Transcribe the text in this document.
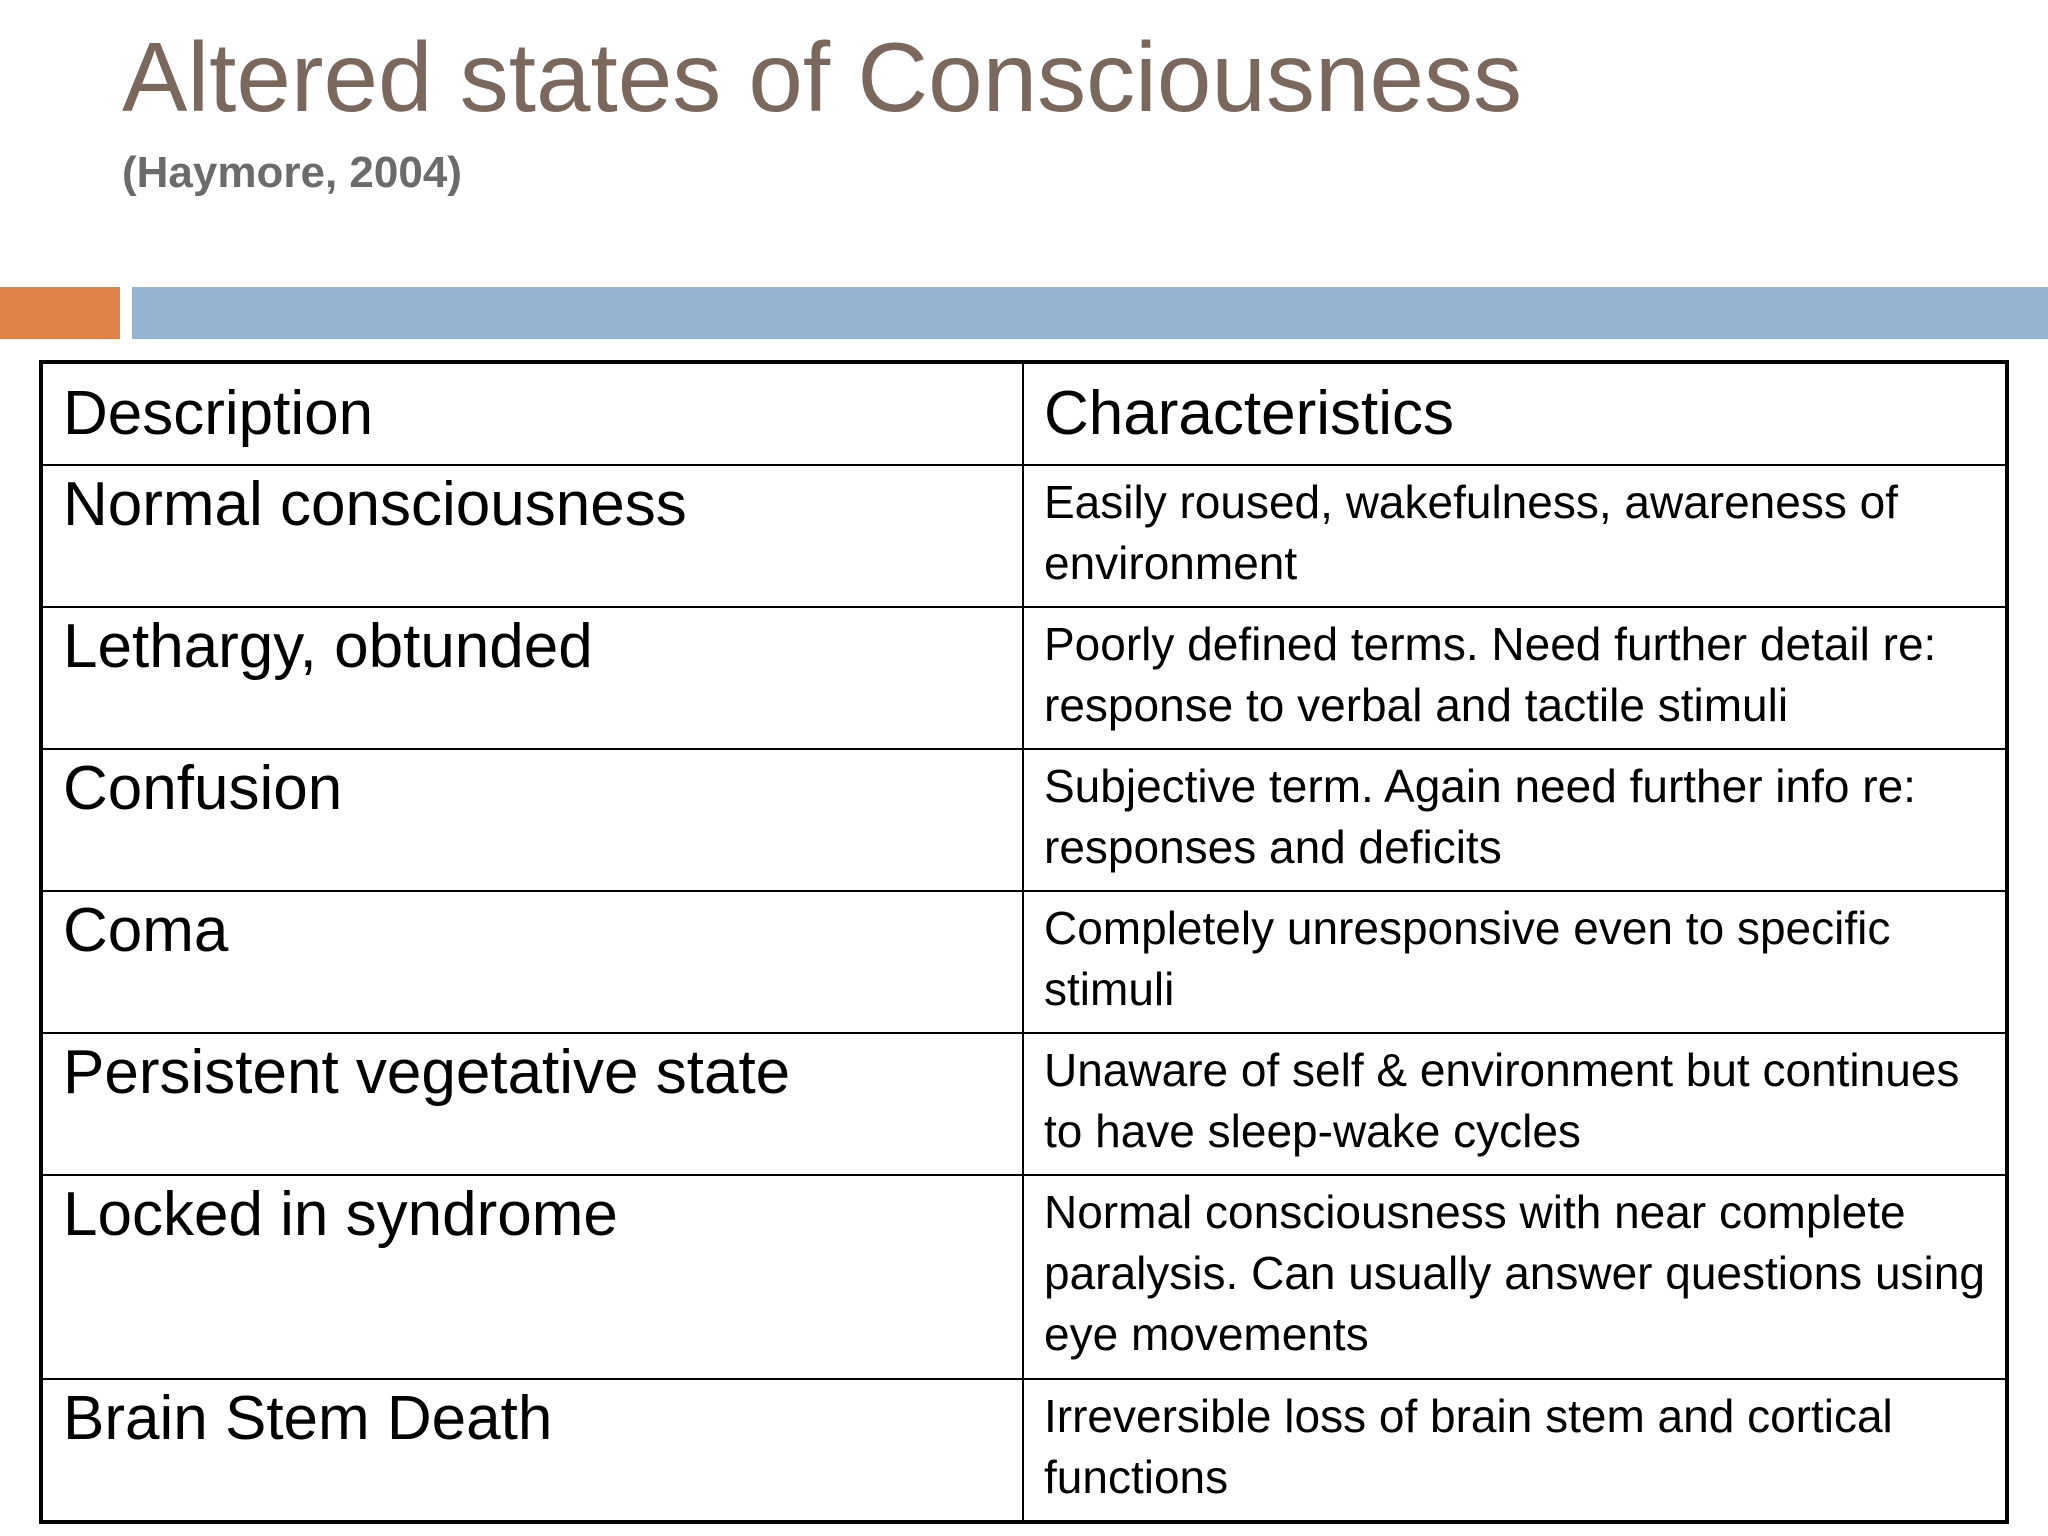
Altered states of Consciousness
(Haymore, 2004)
Description	Characteristics
Normal consciousness	Easily roused, wakefulness, awareness of environment
Lethargy, obtunded	Poorly defined terms. Need further detail re: response to verbal and tactile stimuli
Confusion	Subjective term. Again need further info re: responses and deficits
Coma	Completely unresponsive even to specific stimuli
Persistent vegetative state	Unaware of self & environment but continues to have sleep-wake cycles
Locked in syndrome	Normal consciousness with near complete paralysis. Can usually answer questions using eye movements
Brain Stem Death	Irreversible loss of brain stem and cortical functions
